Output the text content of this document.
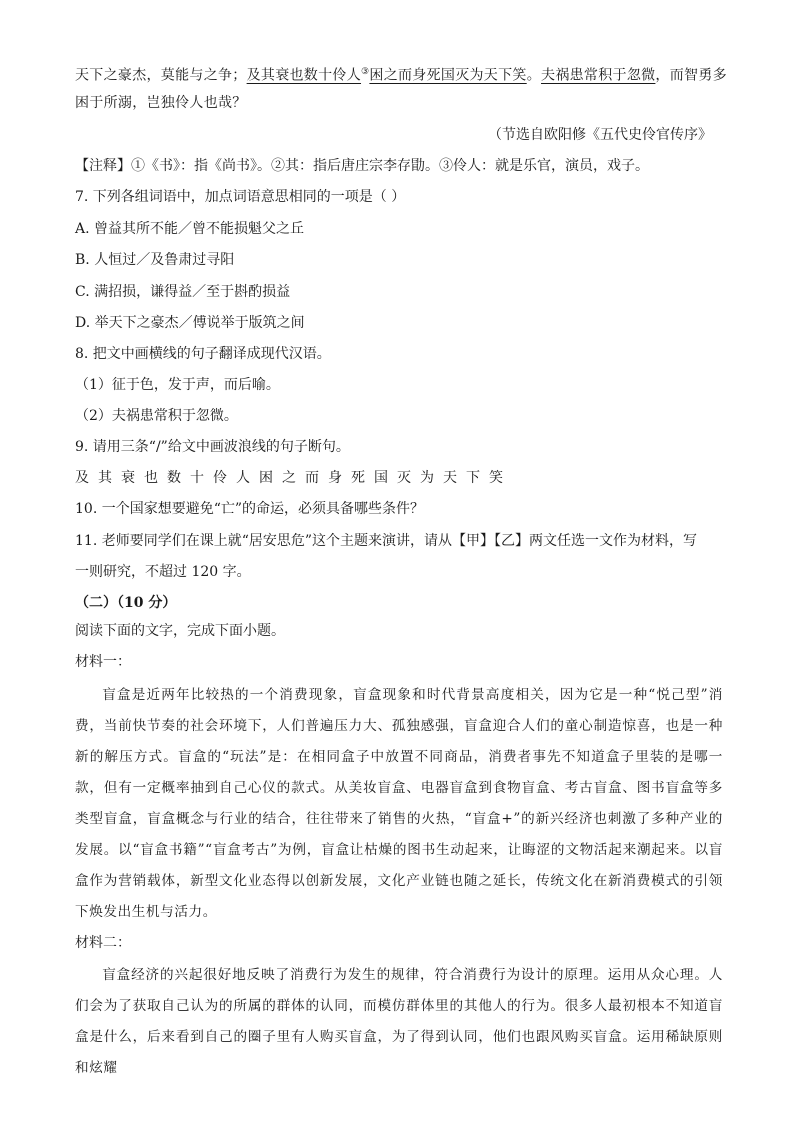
天下之豪杰，莫能与之争；及其衰也数十伶人③困之而身死国灭为天下笑。夫祸患常积于忽微，而智勇多
困于所溺，岂独伶人也哉？
（节选自欧阳修《五代史伶官传序》
【注释】①《书》：指《尚书》。②其：指后唐庄宗李存勖。③伶人：就是乐官，演员，戏子。
7. 下列各组词语中，加点词语意思相同的一项是（ ）
A. 曾益其所不能／曾不能损魁父之丘
B. 人恒过／及鲁肃过寻阳
C. 满招损，谦得益／至于斟酌损益
D. 举天下之豪杰／傅说举于版筑之间
8. 把文中画横线的句子翻译成现代汉语。
（1）征于色，发于声，而后喻。
（2）夫祸患常积于忽微。
9. 请用三条“/”给文中画波浪线的句子断句。
及其衰也数十伶人困之而身死国灭为天下笑
10. 一个国家想要避免“亡”的命运，必须具备哪些条件？
11. 老师要同学们在课上就“居安思危”这个主题来演讲，请从【甲】【乙】两文任选一文作为材料，写
一则研究，不超过 120 字。
（二）（10 分）
阅读下面的文字，完成下面小题。
材料一：
盲盒是近两年比较热的一个消费现象，盲盒现象和时代背景高度相关，因为它是一种“悦己型”消费，当前快节奏的社会环境下，人们普遍压力大、孤独感强，盲盒迎合人们的童心制造惊喜，也是一种新的解压方式。盲盒的“玩法”是：在相同盒子中放置不同商品，消费者事先不知道盒子里装的是哪一款，但有一定概率抽到自己心仪的款式。从美妆盲盒、电器盲盒到食物盲盒、考古盲盒、图书盲盒等多类型盲盒，盲盒概念与行业的结合，往往带来了销售的火热，“盲盒+”的新兴经济也刺激了多种产业的发展。以“盲盒书籍”“盲盒考古”为例，盲盒让枯燥的图书生动起来，让晦涩的文物活起来潮起来。以盲盒作为营销载体，新型文化业态得以创新发展，文化产业链也随之延长，传统文化在新消费模式的引领下焕发出生机与活力。
材料二：
盲盒经济的兴起很好地反映了消费行为发生的规律，符合消费行为设计的原理。运用从众心理。人们会为了获取自己认为的所属的群体的认同，而模仿群体里的其他人的行为。很多人最初根本不知道盲盒是什么，后来看到自己的圈子里有人购买盲盒，为了得到认同，他们也跟风购买盲盒。运用稀缺原则和炫耀
